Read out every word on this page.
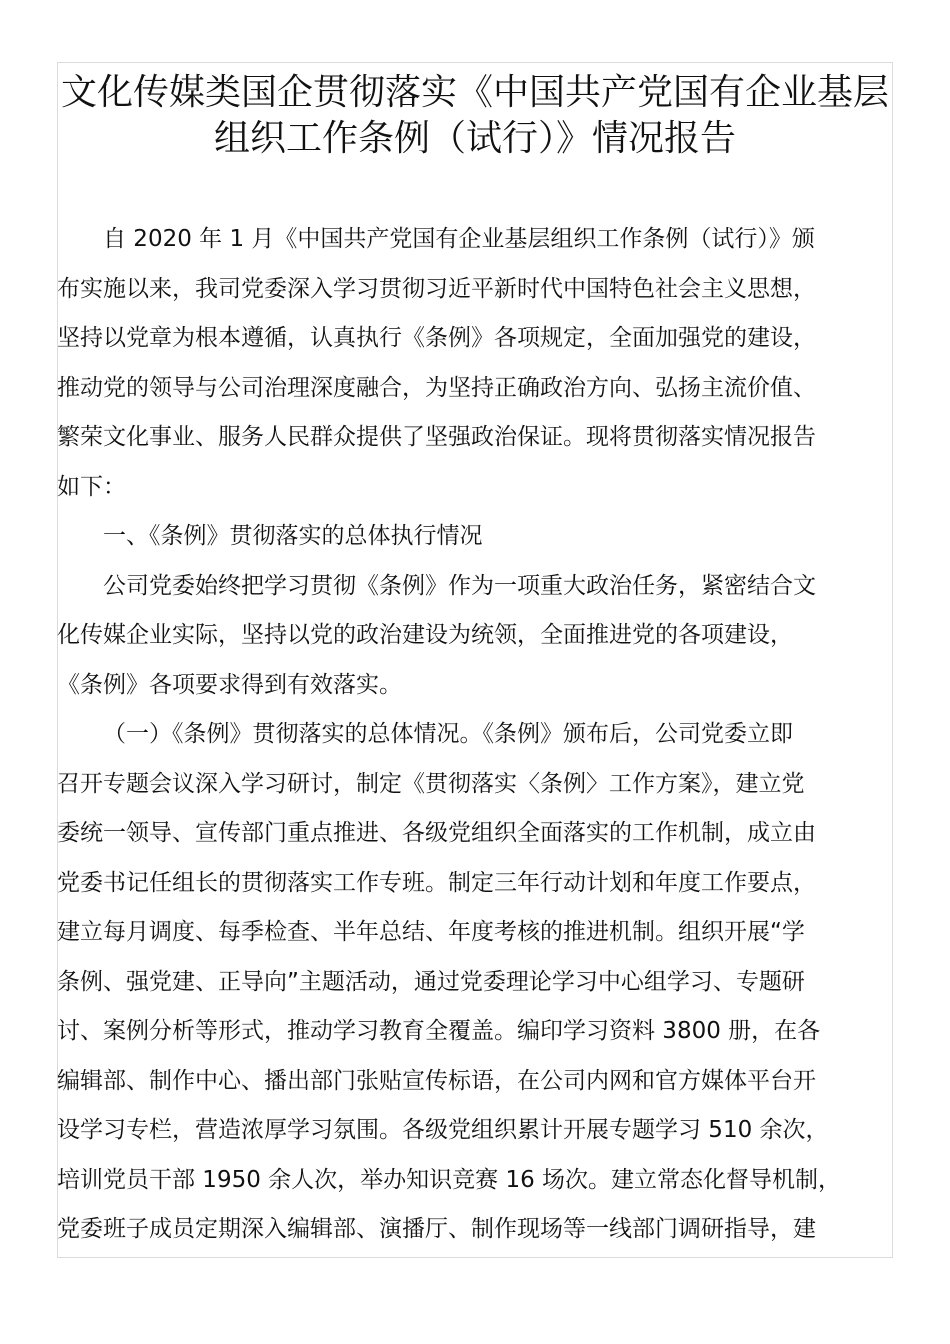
文化传媒类国企贯彻落实《中国共产党国有企业基层
组织工作条例（试行）》情况报告
自 2020 年 1 月《中国共产党国有企业基层组织工作条例（试行）》颁
布实施以来，我司党委深入学习贯彻习近平新时代中国特色社会主义思想，
坚持以党章为根本遵循，认真执行《条例》各项规定，全面加强党的建设，
推动党的领导与公司治理深度融合，为坚持正确政治方向、弘扬主流价值、
繁荣文化事业、服务人民群众提供了坚强政治保证。现将贯彻落实情况报告
如下：
一、《条例》贯彻落实的总体执行情况
公司党委始终把学习贯彻《条例》作为一项重大政治任务，紧密结合文
化传媒企业实际，坚持以党的政治建设为统领，全面推进党的各项建设，
《条例》各项要求得到有效落实。
（一）《条例》贯彻落实的总体情况。《条例》颁布后，公司党委立即
召开专题会议深入学习研讨，制定《贯彻落实〈条例〉工作方案》，建立党
委统一领导、宣传部门重点推进、各级党组织全面落实的工作机制，成立由
党委书记任组长的贯彻落实工作专班。制定三年行动计划和年度工作要点，
建立每月调度、每季检查、半年总结、年度考核的推进机制。组织开展“学
条例、强党建、正导向”主题活动，通过党委理论学习中心组学习、专题研
讨、案例分析等形式，推动学习教育全覆盖。编印学习资料 3800 册，在各
编辑部、制作中心、播出部门张贴宣传标语，在公司内网和官方媒体平台开
设学习专栏，营造浓厚学习氛围。各级党组织累计开展专题学习 510 余次，
培训党员干部 1950 余人次，举办知识竞赛 16 场次。建立常态化督导机制，
党委班子成员定期深入编辑部、演播厅、制作现场等一线部门调研指导，建
